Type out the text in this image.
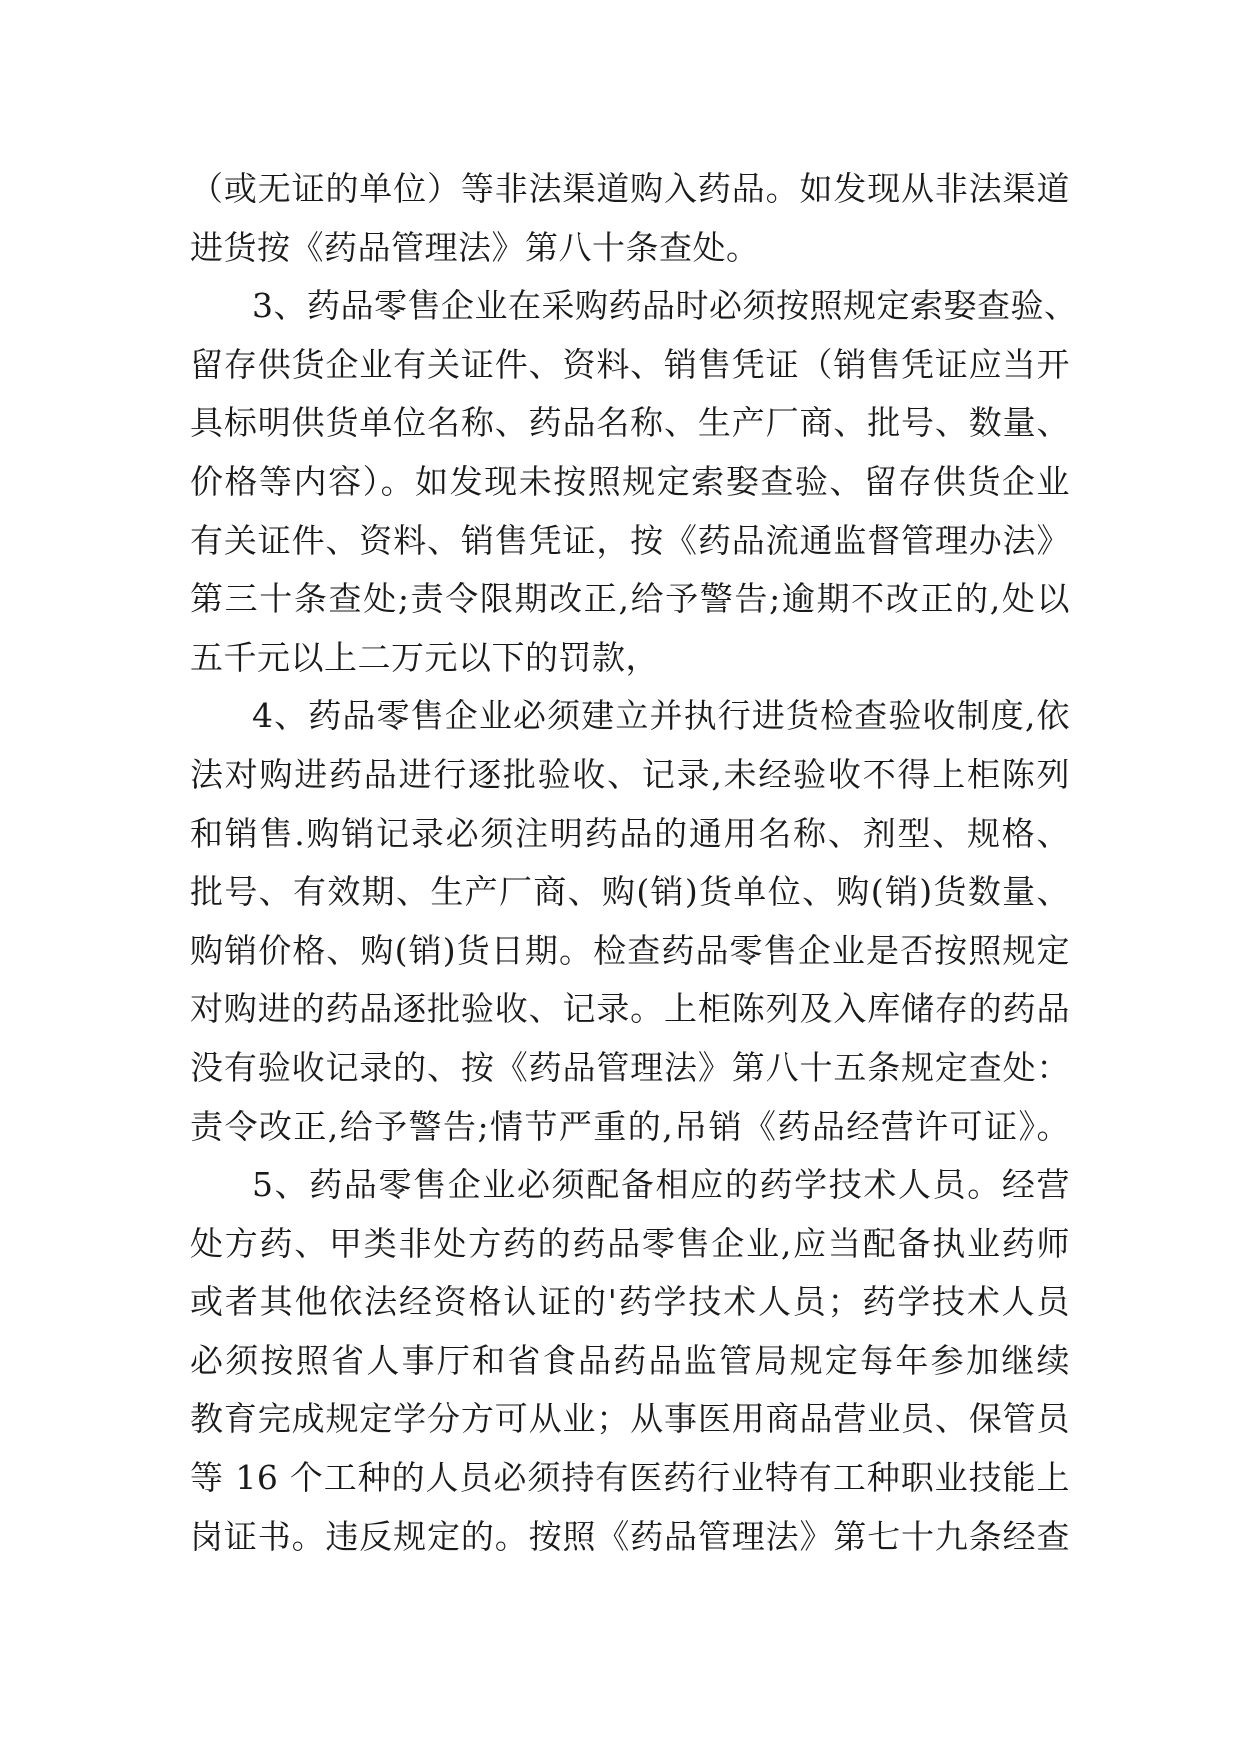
（或无证的单位）等非法渠道购入药品。如发现从非法渠道
进货按《药品管理法》第八十条查处。
3、药品零售企业在采购药品时必须按照规定索娶查验、
留存供货企业有关证件、资料、销售凭证（销售凭证应当开
具标明供货单位名称、药品名称、生产厂商、批号、数量、
价格等内容）。如发现未按照规定索娶查验、留存供货企业
有关证件、资料、销售凭证，按《药品流通监督管理办法》
第三十条查处;责令限期改正,给予警告;逾期不改正的,处以
五千元以上二万元以下的罚款，
4、药品零售企业必须建立并执行进货检查验收制度,依
法对购进药品进行逐批验收、记录,未经验收不得上柜陈列
和销售.购销记录必须注明药品的通用名称、剂型、规格、
批号、有效期、生产厂商、购(销)货单位、购(销)货数量、
购销价格、购(销)货日期。检查药品零售企业是否按照规定
对购进的药品逐批验收、记录。上柜陈列及入库储存的药品
没有验收记录的、按《药品管理法》第八十五条规定查处：
责令改正,给予警告;情节严重的,吊销《药品经营许可证》。
5、药品零售企业必须配备相应的药学技术人员。经营
处方药、甲类非处方药的药品零售企业,应当配备执业药师
或者其他依法经资格认证的'药学技术人员；药学技术人员
必须按照省人事厅和省食品药品监管局规定每年参加继续
教育完成规定学分方可从业；从事医用商品营业员、保管员
等 16 个工种的人员必须持有医药行业特有工种职业技能上
岗证书。违反规定的。按照《药品管理法》第七十九条经查
